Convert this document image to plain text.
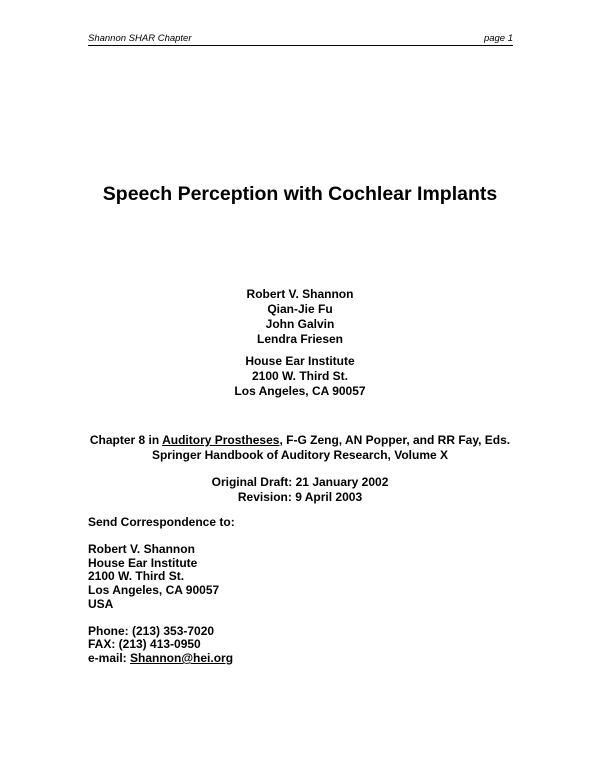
Shannon SHAR Chapter	page 1
Speech Perception with Cochlear Implants
Robert V. Shannon
Qian-Jie Fu
John Galvin
Lendra Friesen
House Ear Institute
2100 W. Third St.
Los Angeles, CA 90057
Chapter 8 in Auditory Prostheses, F-G Zeng, AN Popper, and RR Fay, Eds.
Springer Handbook of Auditory Research, Volume X
Original Draft: 21 January 2002
Revision: 9 April 2003
Send Correspondence to:
Robert V. Shannon
House Ear Institute
2100 W. Third St.
Los Angeles, CA 90057
USA
Phone: (213) 353-7020
FAX: (213) 413-0950
e-mail: Shannon@hei.org
